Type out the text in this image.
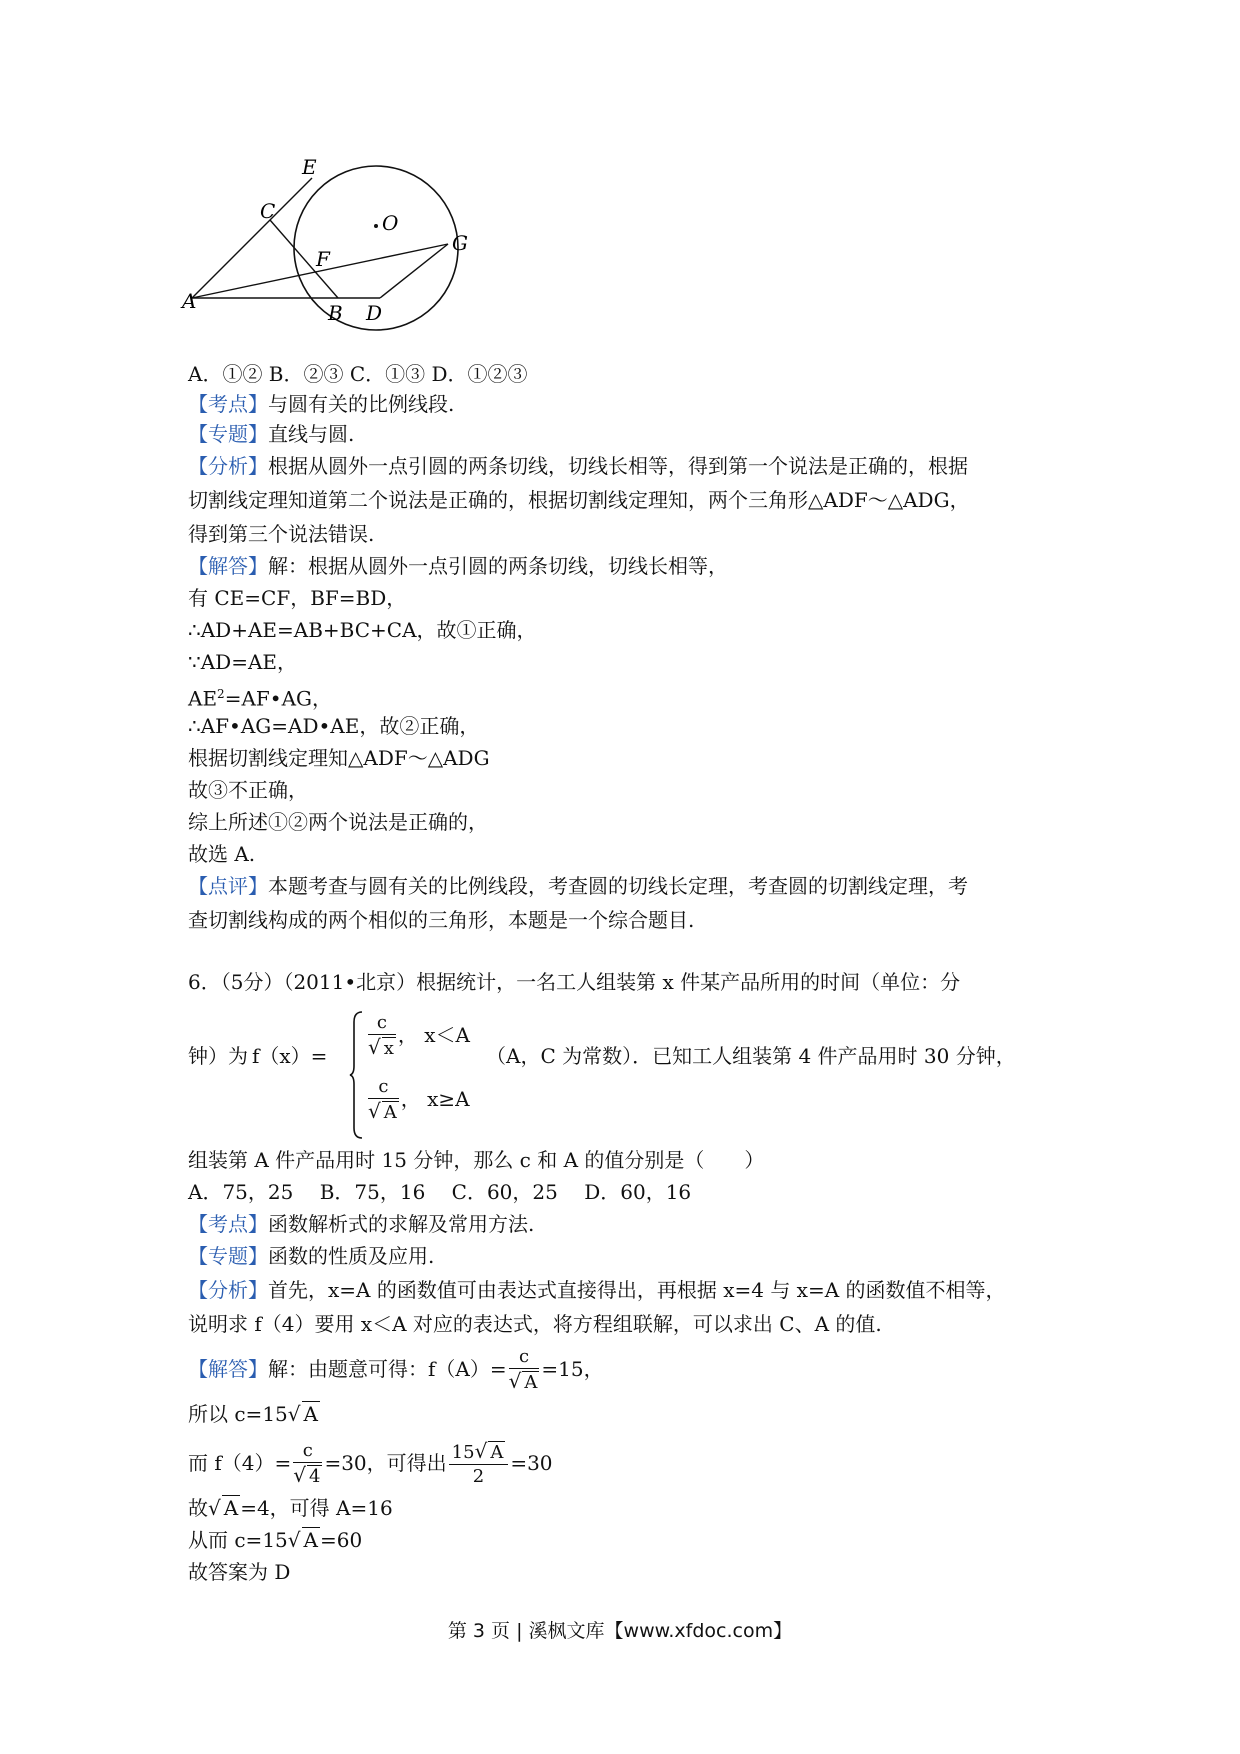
E
C	O
G
F
A	B D
A．①② B．②③ C．①③ D．①②③
【考点】与圆有关的比例线段.
【专题】直线与圆.
【分析】根据从圆外一点引圆的两条切线，切线长相等，得到第一个说法是正确的，根据
切割线定理知道第二个说法是正确的，根据切割线定理知，两个三角形△ADF～△ADG，
得到第三个说法错误.
【解答】解：根据从圆外一点引圆的两条切线，切线长相等，
有 CE=CF，BF=BD，
∴AD+AE=AB+BC+CA，故①正确，
∵AD=AE，
$AE^2=AF•AG$，
∴AF•AG=AD•AE，故②正确，
根据切割线定理知△ADF～△ADG
故③不正确，
综上所述①②两个说法是正确的，
故选 A.
【点评】本题考查与圆有关的比例线段，考查圆的切线长定理，考查圆的切割线定理，考
查切割线构成的两个相似的三角形，本题是一个综合题目.
6．（5分）（2011•北京）根据统计，一名工人组装第 x 件某产品所用的时间（单位：分
钟）为 $f(x)= \frac{c}{√ x}$ ， x＜A
$\frac{c}{√ A}$ ， x≥A
（A，C 为常数）．已知工人组装第 4 件产品用时 30 分钟，
组装第 A 件产品用时 15 分钟，那么 c 和 A 的值分别是（　　）
A．75，25　 B．75，16　 C．60，25　 D．60，16
【考点】函数解析式的求解及常用方法.
【专题】函数的性质及应用.
【分析】首先，x=A 的函数值可由表达式直接得出，再根据 x=4 与 x=A 的函数值不相等，
说明求 f（4）要用 x＜A 对应的表达式，将方程组联解，可以求出 C、A 的值.
【解答】解：由题意可得：$f(A)= \frac{c}{√ A} =15$，
所以 c=15√ A
而 $f(4)= \frac{c}{√ 4} =30$，可得出 $\frac{15√ A}{2} =30$
故√ A =4，可得 A=16
从而 c=15√ A =60
故答案为 D
第 3 页 | 溪枫文库【www.xfdoc.com】
